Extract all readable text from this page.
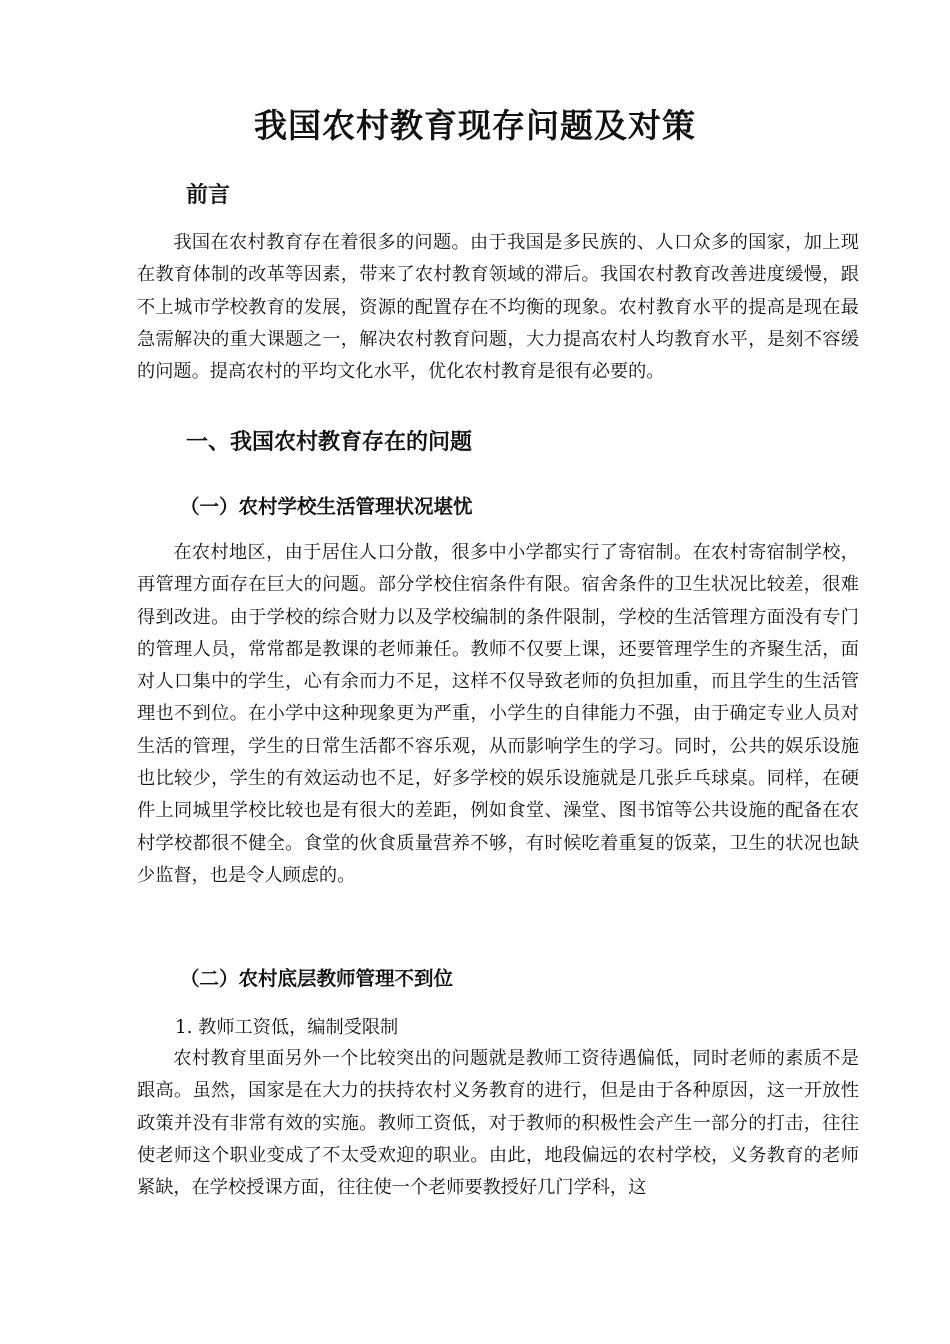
我国农村教育现存问题及对策
前言

我国在农村教育存在着很多的问题。由于我国是多民族的、人口众多的国家，加上现在教育体制的改革等因素，带来了农村教育领域的滞后。我国农村教育改善进度缓慢，跟不上城市学校教育的发展，资源的配置存在不均衡的现象。农村教育水平的提高是现在最急需解决的重大课题之一，解决农村教育问题，大力提高农村人均教育水平，是刻不容缓的问题。提高农村的平均文化水平，优化农村教育是很有必要的。

一、我国农村教育存在的问题
（一）农村学校生活管理状况堪忧

在农村地区，由于居住人口分散，很多中小学都实行了寄宿制。在农村寄宿制学校，再管理方面存在巨大的问题。部分学校住宿条件有限。宿舍条件的卫生状况比较差，很难得到改进。由于学校的综合财力以及学校编制的条件限制，学校的生活管理方面没有专门的管理人员，常常都是教课的老师兼任。教师不仅要上课，还要管理学生的齐聚生活，面对人口集中的学生，心有余而力不足，这样不仅导致老师的负担加重，而且学生的生活管理也不到位。在小学中这种现象更为严重，小学生的自律能力不强，由于确定专业人员对生活的管理，学生的日常生活都不容乐观，从而影响学生的学习。同时，公共的娱乐设施也比较少，学生的有效运动也不足，好多学校的娱乐设施就是几张乒乓球桌。同样，在硬件上同城里学校比较也是有很大的差距，例如食堂、澡堂、图书馆等公共设施的配备在农村学校都很不健全。食堂的伙食质量营养不够，有时候吃着重复的饭菜，卫生的状况也缺少监督，也是令人顾虑的。

（二）农村底层教师管理不到位
1. 教师工资低，编制受限制

农村教育里面另外一个比较突出的问题就是教师工资待遇偏低，同时老师的素质不是跟高。虽然，国家是在大力的扶持农村义务教育的进行，但是由于各种原因，这一开放性政策并没有非常有效的实施。教师工资低，对于教师的积极性会产生一部分的打击，往往使老师这个职业变成了不太受欢迎的职业。由此，地段偏远的农村学校，义务教育的老师紧缺，在学校授课方面，往往使一个老师要教授好几门学科，这
